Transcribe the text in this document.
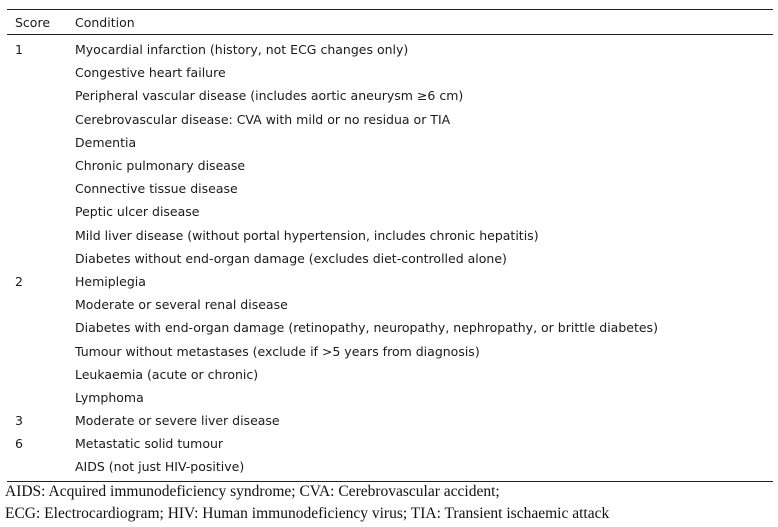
Score	Condition
1	Myocardial infarction (history, not ECG changes only)
Congestive heart failure
Peripheral vascular disease (includes aortic aneurysm ≥6 cm)
Cerebrovascular disease: CVA with mild or no residua or TIA
Dementia
Chronic pulmonary disease
Connective tissue disease
Peptic ulcer disease
Mild liver disease (without portal hypertension, includes chronic hepatitis)
Diabetes without end-organ damage (excludes diet-controlled alone)
2	Hemiplegia
Moderate or several renal disease
Diabetes with end-organ damage (retinopathy, neuropathy, nephropathy, or brittle diabetes)
Tumour without metastases (exclude if >5 years from diagnosis)
Leukaemia (acute or chronic)
Lymphoma
3	Moderate or severe liver disease
6	Metastatic solid tumour
AIDS (not just HIV-positive)
AIDS: Acquired immunodeficiency syndrome; CVA: Cerebrovascular accident;
ECG: Electrocardiogram; HIV: Human immunodeficiency virus; TIA: Transient ischaemic attack
